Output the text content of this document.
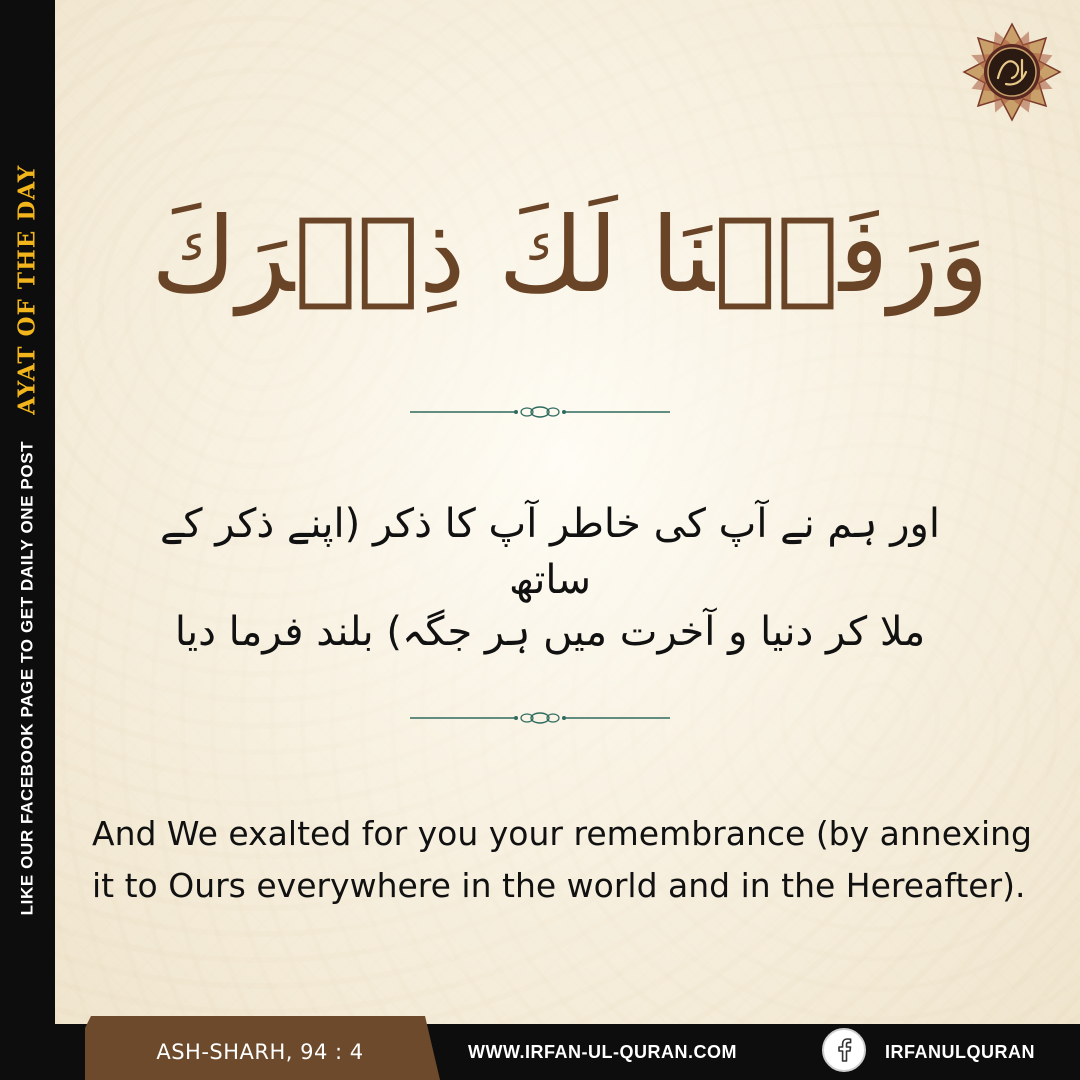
LIKE OUR FACEBOOK PAGE TO GET DAILY ONE POST
AYAT OF THE DAY وَرَفَعۡنَا لَكَ ذِكۡرَكَ
اور ہم نے آپ کی خاطر آپ کا ذکر (اپنے ذکر کے ساتھ
ملا کر دنیا و آخرت میں ہر جگہ) بلند فرما دیا
And We exalted for you your remembrance (by annexing it to Ours everywhere in the world and in the Hereafter).
ASH-SHARH, 94 : 4	WWW.IRFAN-UL-QURAN.COM	IRFANULQURAN
